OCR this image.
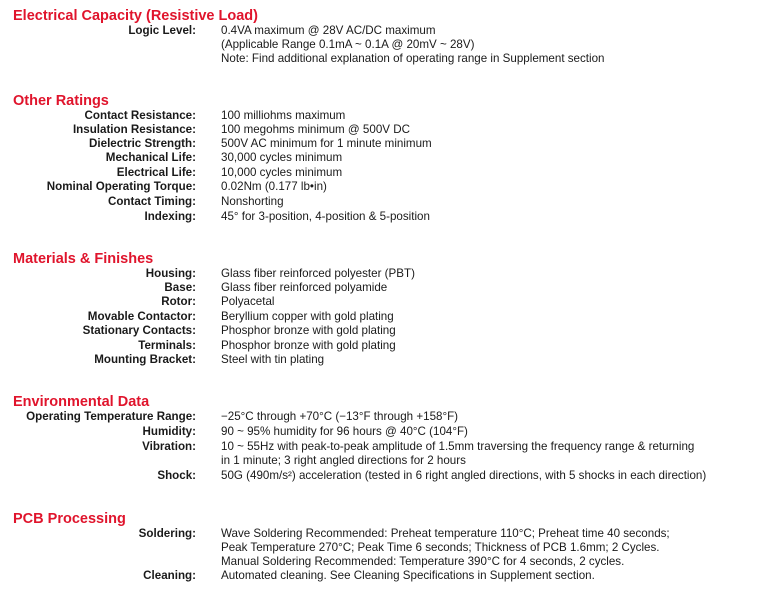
Electrical Capacity (Resistive Load)
Logic Level: 0.4VA maximum @ 28V AC/DC maximum
(Applicable Range 0.1mA ~ 0.1A @ 20mV ~ 28V)
Note: Find additional explanation of operating range in Supplement section
Other Ratings
Contact Resistance: 100 milliohms maximum
Insulation Resistance: 100 megohms minimum @ 500V DC
Dielectric Strength: 500V AC minimum for 1 minute minimum
Mechanical Life: 30,000 cycles minimum
Electrical Life: 10,000 cycles minimum
Nominal Operating Torque: 0.02Nm (0.177 lb•in)
Contact Timing: Nonshorting
Indexing: 45° for 3-position, 4-position & 5-position
Materials & Finishes
Housing: Glass fiber reinforced polyester (PBT)
Base: Glass fiber reinforced polyamide
Rotor: Polyacetal
Movable Contactor: Beryllium copper with gold plating
Stationary Contacts: Phosphor bronze with gold plating
Terminals: Phosphor bronze with gold plating
Mounting Bracket: Steel with tin plating
Environmental Data
Operating Temperature Range: −25°C through +70°C (−13°F through +158°F)
Humidity: 90 ~ 95% humidity for 96 hours @ 40°C (104°F)
Vibration: 10 ~ 55Hz with peak-to-peak amplitude of 1.5mm traversing the frequency range & returning
in 1 minute; 3 right angled directions for 2 hours
Shock: 50G (490m/s²) acceleration (tested in 6 right angled directions, with 5 shocks in each direction)
PCB Processing
Soldering: Wave Soldering Recommended: Preheat temperature 110°C; Preheat time 40 seconds;
Peak Temperature 270°C; Peak Time 6 seconds; Thickness of PCB 1.6mm; 2 Cycles.
Manual Soldering Recommended: Temperature 390°C for 4 seconds, 2 cycles.
Cleaning: Automated cleaning. See Cleaning Specifications in Supplement section.
